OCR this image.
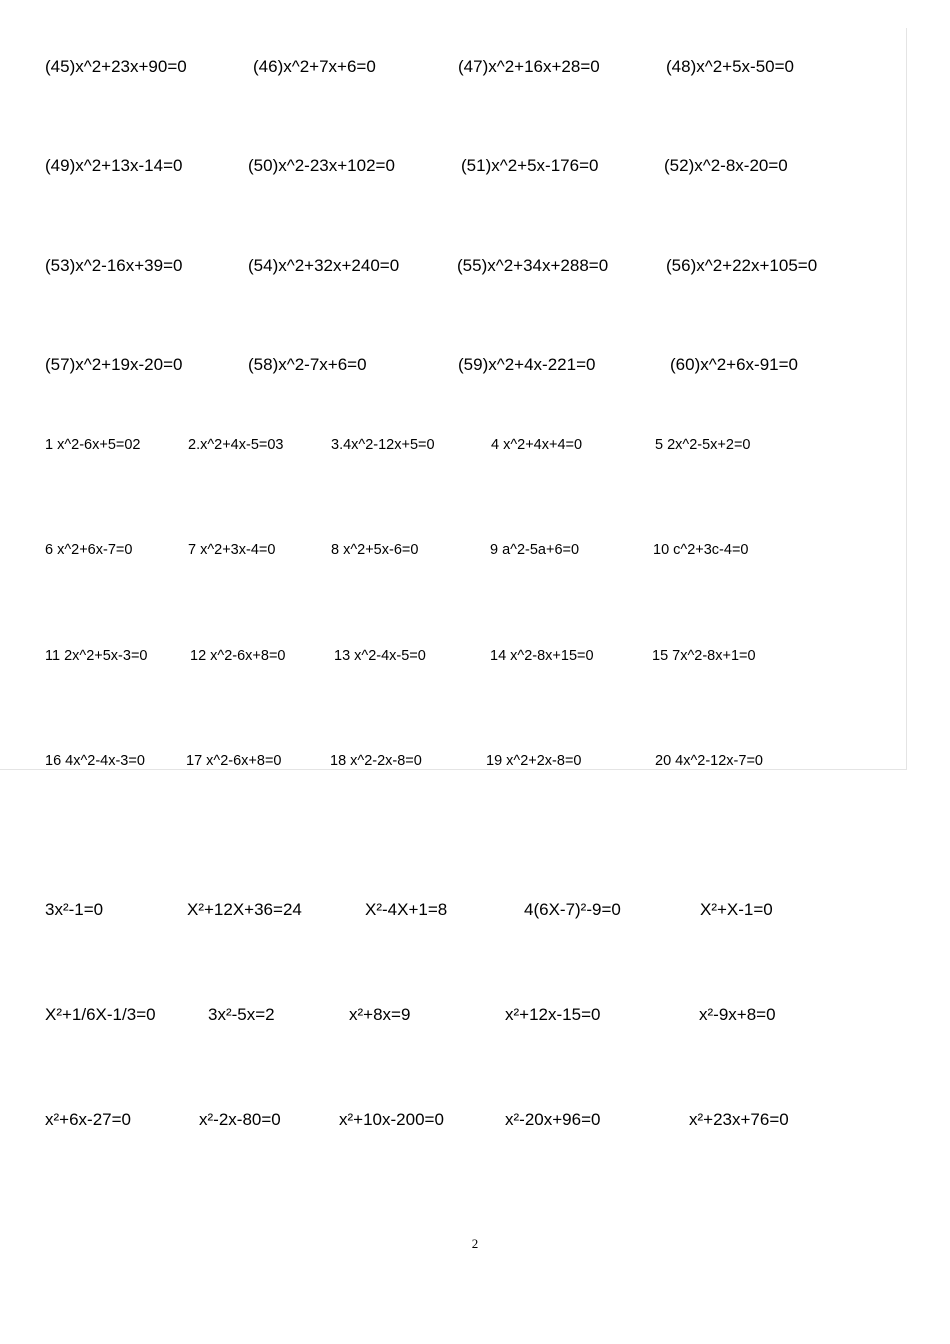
(45)x^2+23x+90=0	(46)x^2+7x+6=0	(47)x^2+16x+28=0	(48)x^2+5x-50=0
(49)x^2+13x-14=0	(50)x^2-23x+102=0	(51)x^2+5x-176=0	(52)x^2-8x-20=0
(53)x^2-16x+39=0	(54)x^2+32x+240=0	(55)x^2+34x+288=0	(56)x^2+22x+105=0
(57)x^2+19x-20=0	(58)x^2-7x+6=0	(59)x^2+4x-221=0	(60)x^2+6x-91=0
1 x^2-6x+5=02	2.x^2+4x-5=03	3.4x^2-12x+5=0	4 x^2+4x+4=0	5 2x^2-5x+2=0
6 x^2+6x-7=0	7 x^2+3x-4=0	8 x^2+5x-6=0	9 a^2-5a+6=0	10 c^2+3c-4=0
11 2x^2+5x-3=0	12 x^2-6x+8=0	13 x^2-4x-5=0	14 x^2-8x+15=0	15 7x^2-8x+1=0
16 4x^2-4x-3=0	17 x^2-6x+8=0	18 x^2-2x-8=0	19 x^2+2x-8=0	20 4x^2-12x-7=0
3x²-1=0	X²+12X+36=24	X²-4X+1=8	4(6X-7)²-9=0	X²+X-1=0
X²+1/6X-1/3=0	3x²-5x=2	x²+8x=9	x²+12x-15=0	x²-9x+8=0
x²+6x-27=0	x²-2x-80=0	x²+10x-200=0	x²-20x+96=0	x²+23x+76=0
2
